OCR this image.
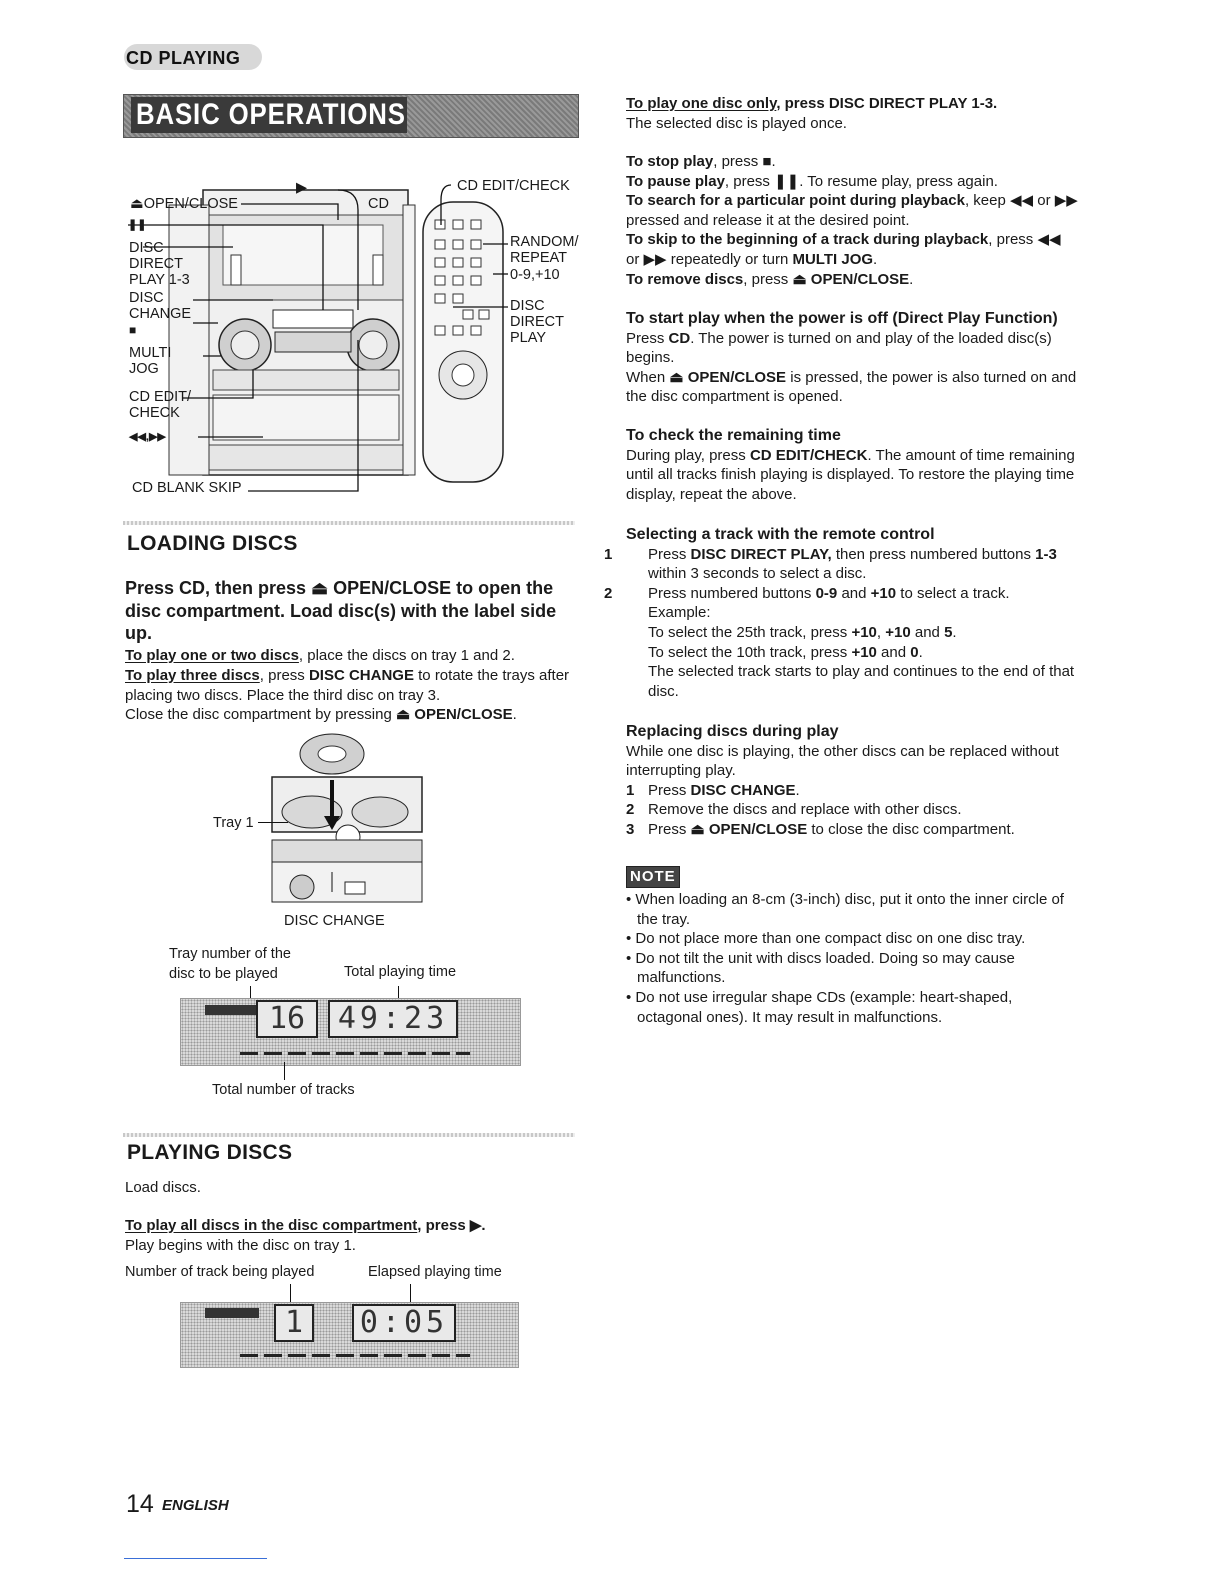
CD PLAYING
BASIC OPERATIONS
⏏OPEN/CLOSE
❚❚
▶
CD
CD EDIT/CHECK
DISC
DIRECT
PLAY 1-3
DISC
CHANGE
■
MULTI
JOG
CD EDIT/
CHECK
◀◀,▶▶
CD BLANK SKIP
RANDOM/
REPEAT
0-9,+10
DISC
DIRECT
PLAY
LOADING DISCS
Press CD, then press ⏏ OPEN/CLOSE to open the disc compartment. Load disc(s) with the label side up.
To play one or two discs, place the discs on tray 1 and 2.
To play three discs, press DISC CHANGE to rotate the trays after placing two discs. Place the third disc on tray 3.
Close the disc compartment by pressing ⏏ OPEN/CLOSE.
Tray 1
DISC CHANGE
Tray number of the
disc to be played	Total playing time
16	49:23
Total number of tracks
PLAYING DISCS
Load discs.
To play all discs in the disc compartment, press ▶.
Play begins with the disc on tray 1.
Number of track being played	Elapsed playing time
1	0:05
To play one disc only, press DISC DIRECT PLAY 1-3.
The selected disc is played once.
To stop play, press ■.
To pause play, press ❚❚. To resume play, press again.
To search for a particular point during playback, keep ◀◀ or ▶▶ pressed and release it at the desired point.
To skip to the beginning of a track during playback, press ◀◀ or ▶▶ repeatedly or turn MULTI JOG.
To remove discs, press ⏏ OPEN/CLOSE.
To start play when the power is off (Direct Play Function)
Press CD. The power is turned on and play of the loaded disc(s) begins.
When ⏏ OPEN/CLOSE is pressed, the power is also turned on and the disc compartment is opened.
To check the remaining time
During play, press CD EDIT/CHECK. The amount of time remaining until all tracks finish playing is displayed. To restore the playing time display, repeat the above.
Selecting a track with the remote control
1 Press DISC DIRECT PLAY, then press numbered buttons 1-3 within 3 seconds to select a disc.
2 Press numbered buttons 0-9 and +10 to select a track.
Example:
To select the 25th track, press +10, +10 and 5.
To select the 10th track, press +10 and 0.
The selected track starts to play and continues to the end of that disc.
Replacing discs during play
While one disc is playing, the other discs can be replaced without interrupting play.
1 Press DISC CHANGE.
2 Remove the discs and replace with other discs.
3 Press ⏏ OPEN/CLOSE to close the disc compartment.
NOTE
• When loading an 8-cm (3-inch) disc, put it onto the inner circle of the tray.
• Do not place more than one compact disc on one disc tray.
• Do not tilt the unit with discs loaded. Doing so may cause malfunctions.
• Do not use irregular shape CDs (example: heart-shaped, octagonal ones). It may result in malfunctions.
14 ENGLISH
